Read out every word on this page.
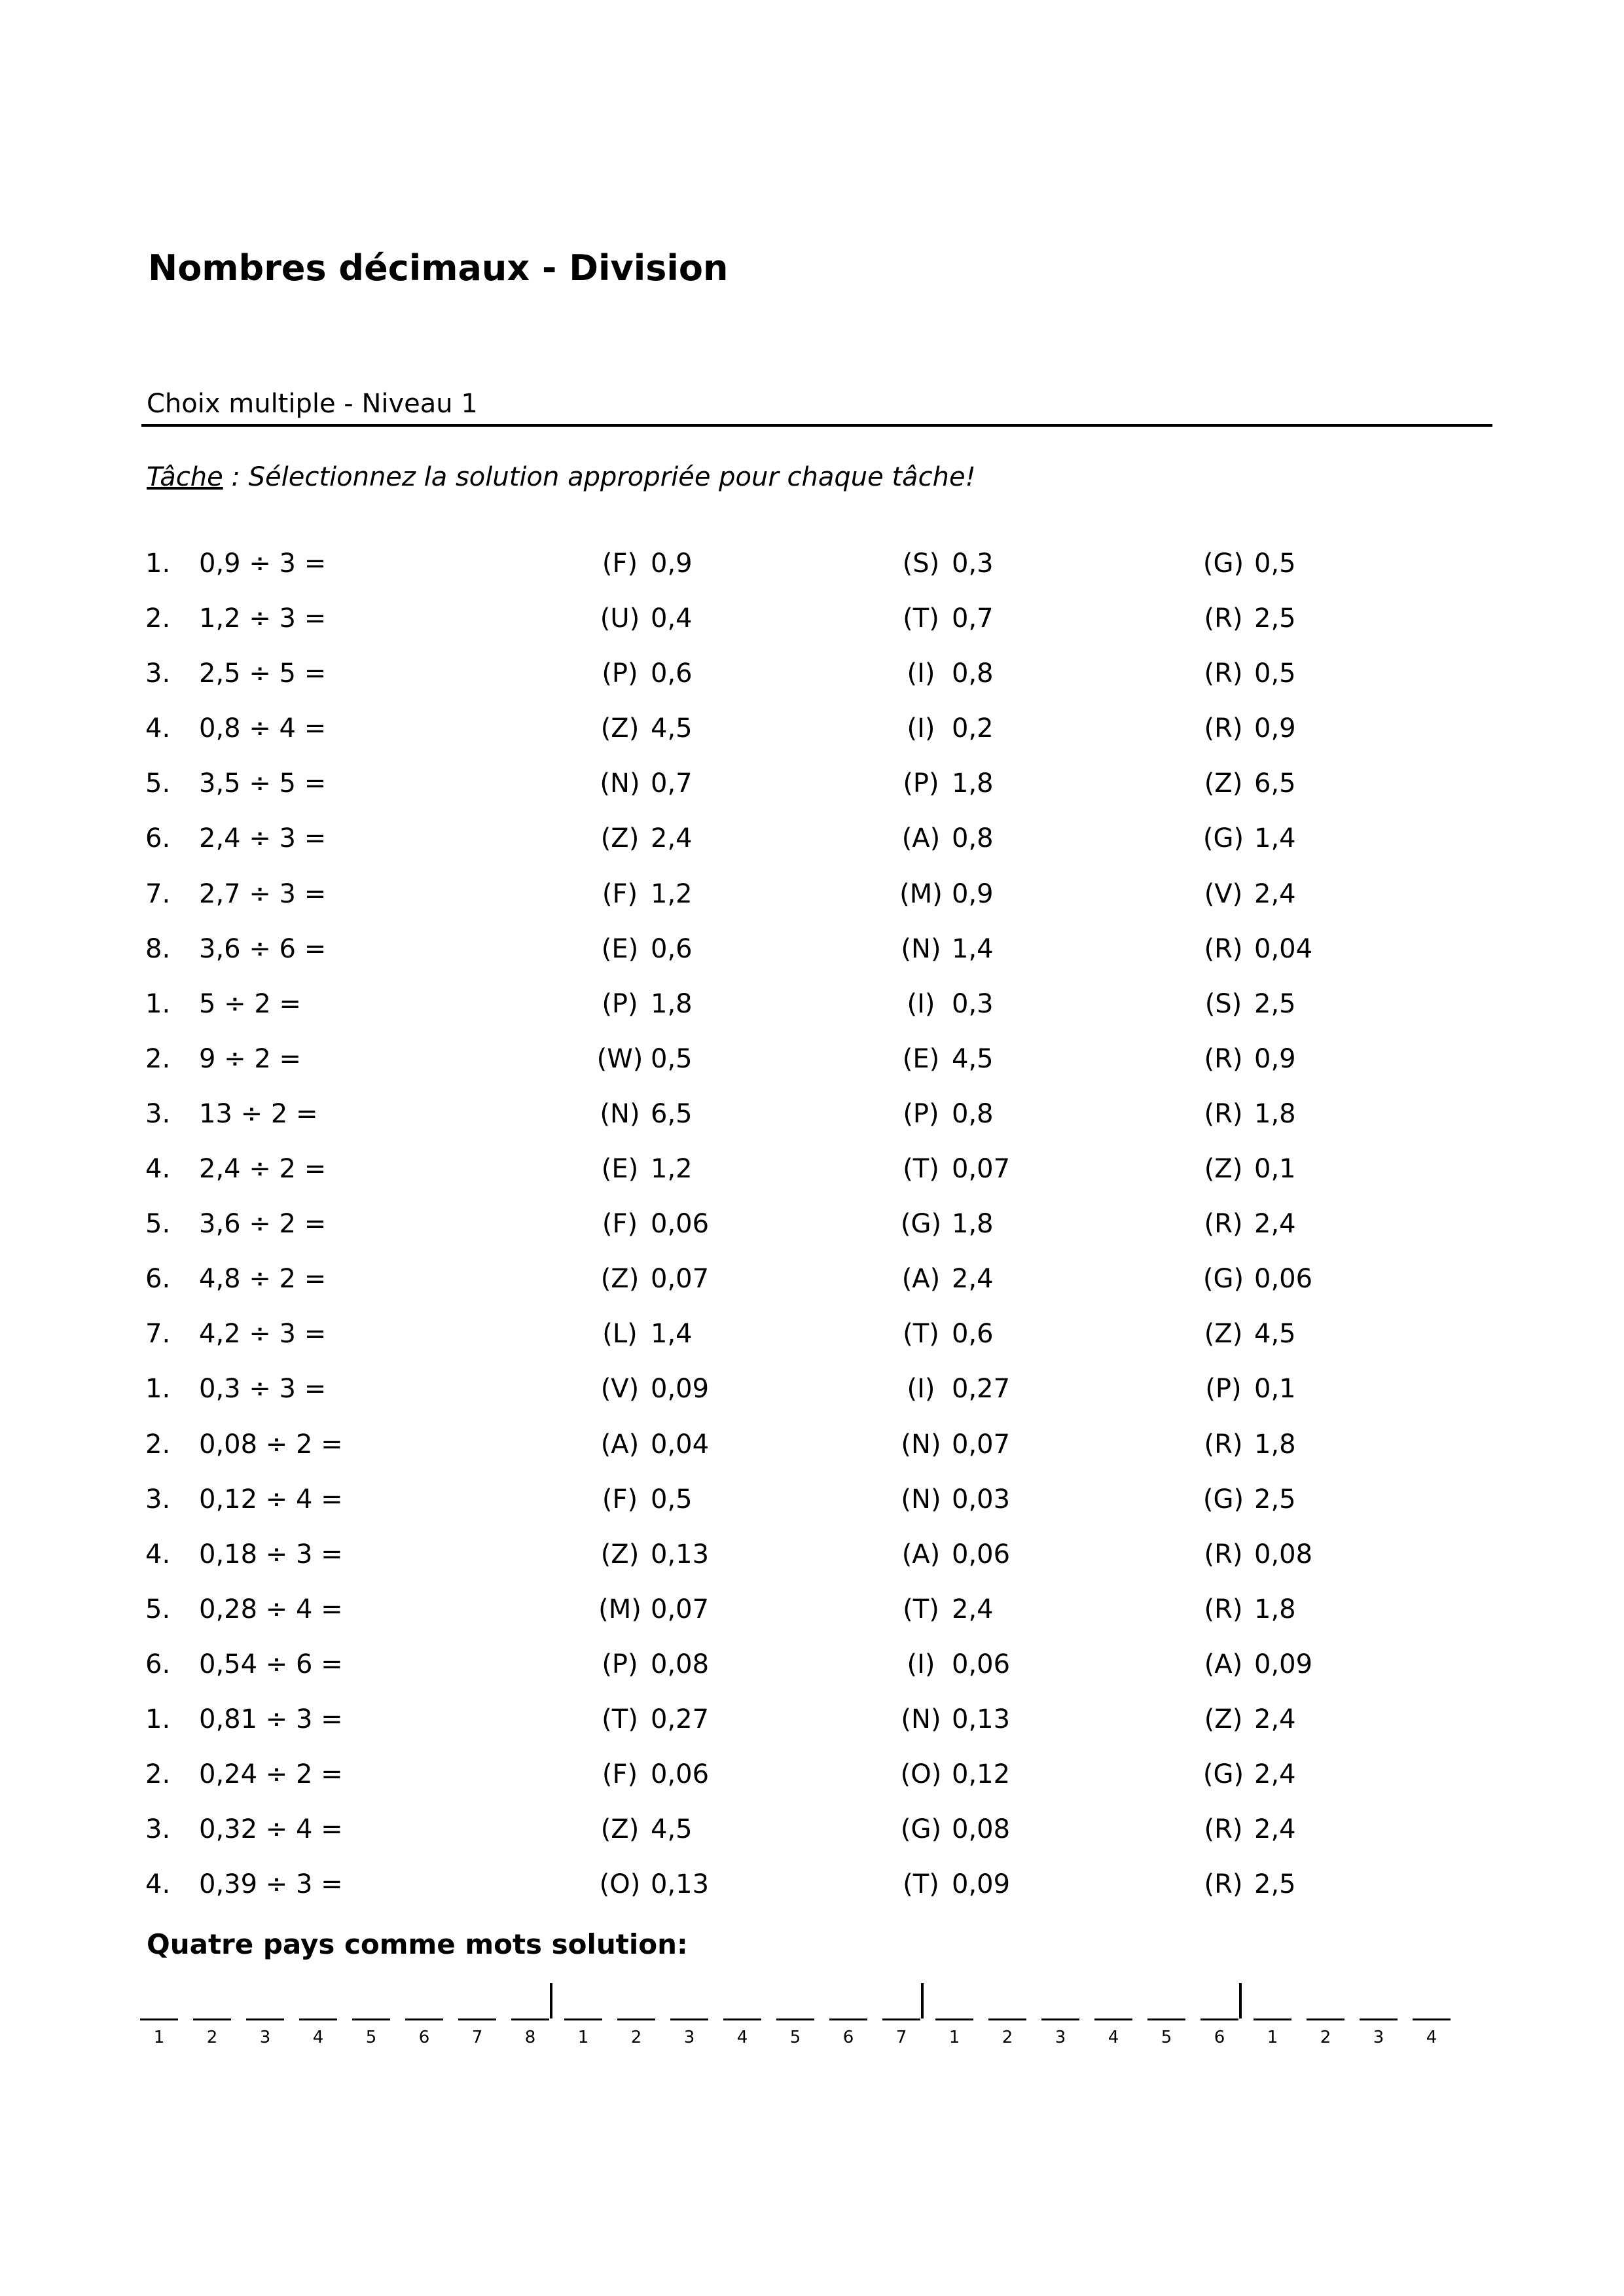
Nombres décimaux - Division
Choix multiple - Niveau 1
Tâche : Sélectionnez la solution appropriée pour chaque tâche!
1. 0,9 ÷ 3 =	(F) 0,9	(S) 0,3	(G) 0,5
2. 1,2 ÷ 3 =	(U) 0,4	(T) 0,7	(R) 2,5
3. 2,5 ÷ 5 =	(P) 0,6	(I) 0,8	(R) 0,5
4. 0,8 ÷ 4 =	(Z) 4,5	(I) 0,2	(R) 0,9
5. 3,5 ÷ 5 =	(N) 0,7	(P) 1,8	(Z) 6,5
6. 2,4 ÷ 3 =	(Z) 2,4	(A) 0,8	(G) 1,4
7. 2,7 ÷ 3 =	(F) 1,2	(M) 0,9	(V) 2,4
8. 3,6 ÷ 6 =	(E) 0,6	(N) 1,4	(R) 0,04
1. 5 ÷ 2 =	(P) 1,8	(I) 0,3	(S) 2,5
2. 9 ÷ 2 =	(W) 0,5	(E) 4,5	(R) 0,9
3. 13 ÷ 2 =	(N) 6,5	(P) 0,8	(R) 1,8
4. 2,4 ÷ 2 =	(E) 1,2	(T) 0,07	(Z) 0,1
5. 3,6 ÷ 2 =	(F) 0,06	(G) 1,8	(R) 2,4
6. 4,8 ÷ 2 =	(Z) 0,07	(A) 2,4	(G) 0,06
7. 4,2 ÷ 3 =	(L) 1,4	(T) 0,6	(Z) 4,5
1. 0,3 ÷ 3 =	(V) 0,09	(I) 0,27	(P) 0,1
2. 0,08 ÷ 2 =	(A) 0,04	(N) 0,07	(R) 1,8
3. 0,12 ÷ 4 =	(F) 0,5	(N) 0,03	(G) 2,5
4. 0,18 ÷ 3 =	(Z) 0,13	(A) 0,06	(R) 0,08
5. 0,28 ÷ 4 =	(M) 0,07	(T) 2,4	(R) 1,8
6. 0,54 ÷ 6 =	(P) 0,08	(I) 0,06	(A) 0,09
1. 0,81 ÷ 3 =	(T) 0,27	(N) 0,13	(Z) 2,4
2. 0,24 ÷ 2 =	(F) 0,06	(O) 0,12	(G) 2,4
3. 0,32 ÷ 4 =	(Z) 4,5	(G) 0,08	(R) 2,4
4. 0,39 ÷ 3 =	(O) 0,13	(T) 0,09	(R) 2,5
Quatre pays comme mots solution:
1	2	3	4	5	6	7	8	1	2	3	4	5	6	7	1	2	3	4	5	6	1	2	3	4
